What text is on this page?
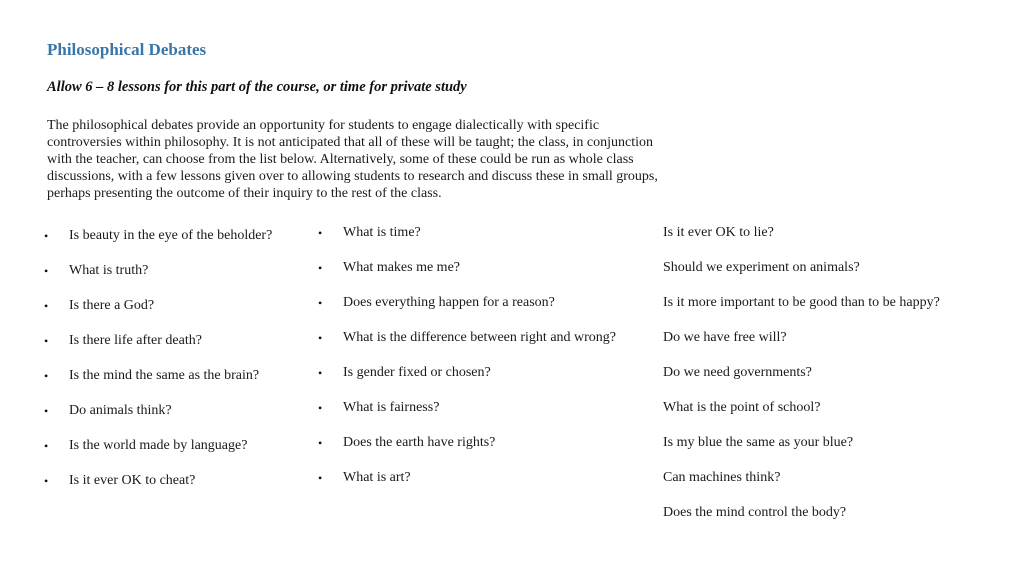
Philosophical Debates

Allow 6 – 8 lessons for this part of the course, or time for private study

The philosophical debates provide an opportunity for students to engage dialectically with specific
controversies within philosophy. It is not anticipated that all of these will be taught; the class, in conjunction
with the teacher, can choose from the list below. Alternatively, some of these could be run as whole class
discussions, with a few lessons given over to allowing students to research and discuss these in small groups,
perhaps presenting the outcome of their inquiry to the rest of the class.

• Is beauty in the eye of the beholder?
• What is truth?
• Is there a God?
• Is there life after death?
• Is the mind the same as the brain?
• Do animals think?
• Is the world made by language?
• Is it ever OK to cheat?
• What is time?
• What makes me me?
• Does everything happen for a reason?
• What is the difference between right and wrong?
• Is gender fixed or chosen?
• What is fairness?
• Does the earth have rights?
• What is art?
Is it ever OK to lie?
Should we experiment on animals?
Is it more important to be good than to be happy?
Do we have free will?
Do we need governments?
What is the point of school?
Is my blue the same as your blue?
Can machines think?
Does the mind control the body?
